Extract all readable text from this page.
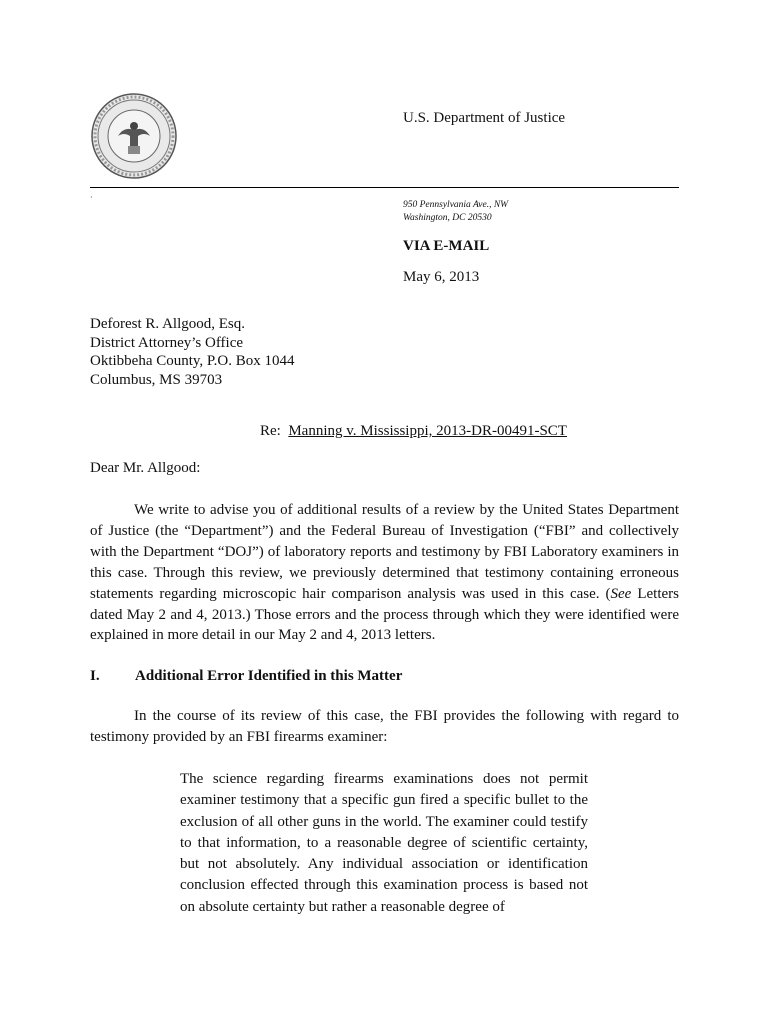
U.S. Department of Justice
·
950 Pennsylvania Ave., NW
Washington, DC 20530
VIA E-MAIL
May 6, 2013
Deforest R. Allgood, Esq.
District Attorney’s Office
Oktibbeha County, P.O. Box 1044
Columbus, MS 39703
Re: Manning v. Mississippi, 2013-DR-00491-SCT
Dear Mr. Allgood:

We write to advise you of additional results of a review by the United States Department of Justice (the “Department”) and the Federal Bureau of Investigation (“FBI” and collectively with the Department “DOJ”) of laboratory reports and testimony by FBI Laboratory examiners in this case. Through this review, we previously determined that testimony containing erroneous statements regarding microscopic hair comparison analysis was used in this case. (See Letters dated May 2 and 4, 2013.) Those errors and the process through which they were identified were explained in more detail in our May 2 and 4, 2013 letters.

I. Additional Error Identified in this Matter

In the course of its review of this case, the FBI provides the following with regard to testimony provided by an FBI firearms examiner:

The science regarding firearms examinations does not permit examiner testimony that a specific gun fired a specific bullet to the exclusion of all other guns in the world. The examiner could testify to that information, to a reasonable degree of scientific certainty, but not absolutely. Any individual association or identification conclusion effected through this examination process is based not on absolute certainty but rather a reasonable degree of
